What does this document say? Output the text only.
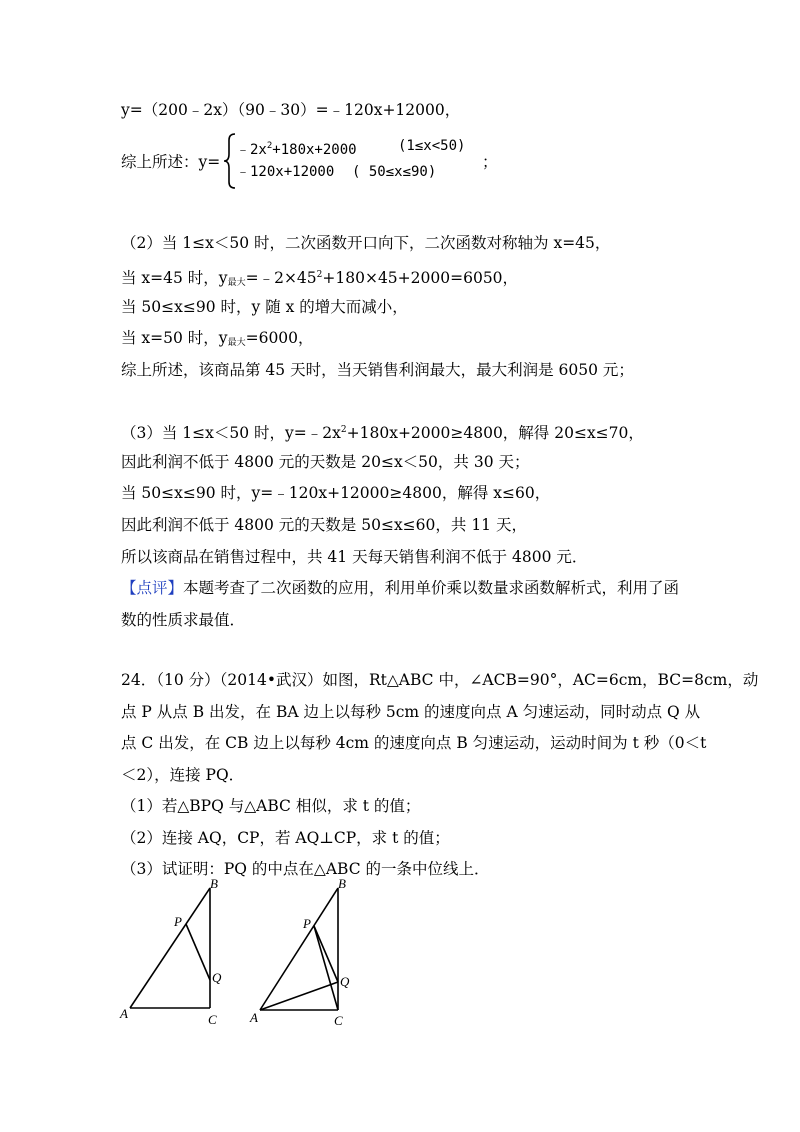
y=（200﹣2x）（90﹣30）=﹣120x+12000，
综上所述：y=
$﹣2x^2+180x+2000$	(1≤x<50)
﹣120x+12000 ( 50≤x≤90)
；
（2）当 1≤x＜50 时，二次函数开口向下，二次函数对称轴为 x=45，
当 x=45 时，$y_{最大}=﹣2\times 45^2+180\times 45+2000=6050$，
当 50≤x≤90 时，y 随 x 的增大而减小，
当 x=50 时，$y_{最大}=6000$，
综上所述，该商品第 45 天时，当天销售利润最大，最大利润是 6050 元；
（3）当 1≤x＜50 时，$y=﹣2x^2+180x+2000\ge 4800$，解得 20≤x≤70，
因此利润不低于 4800 元的天数是 20≤x＜50，共 30 天；
当 50≤x≤90 时，y=﹣120x+12000≥4800，解得 x≤60，
因此利润不低于 4800 元的天数是 50≤x≤60，共 11 天，
所以该商品在销售过程中，共 41 天每天销售利润不低于 4800 元．
【点评】本题考查了二次函数的应用，利用单价乘以数量求函数解析式，利用了函
数的性质求最值．
24．（10 分）（2014•武汉）如图，Rt△ABC 中，∠ACB=90°，AC=6cm，BC=8cm，动
点 P 从点 B 出发，在 BA 边上以每秒 5cm 的速度向点 A 匀速运动，同时动点 Q 从
点 C 出发，在 CB 边上以每秒 4cm 的速度向点 B 匀速运动，运动时间为 t 秒（0＜t
＜2），连接 PQ．
（1）若△BPQ 与△ABC 相似，求 t 的值；
（2）连接 AQ，CP，若 AQ⊥CP，求 t 的值；
（3）试证明：PQ 的中点在△ABC 的一条中位线上．
B
P
Q
A	C
B
P
Q
A	C
